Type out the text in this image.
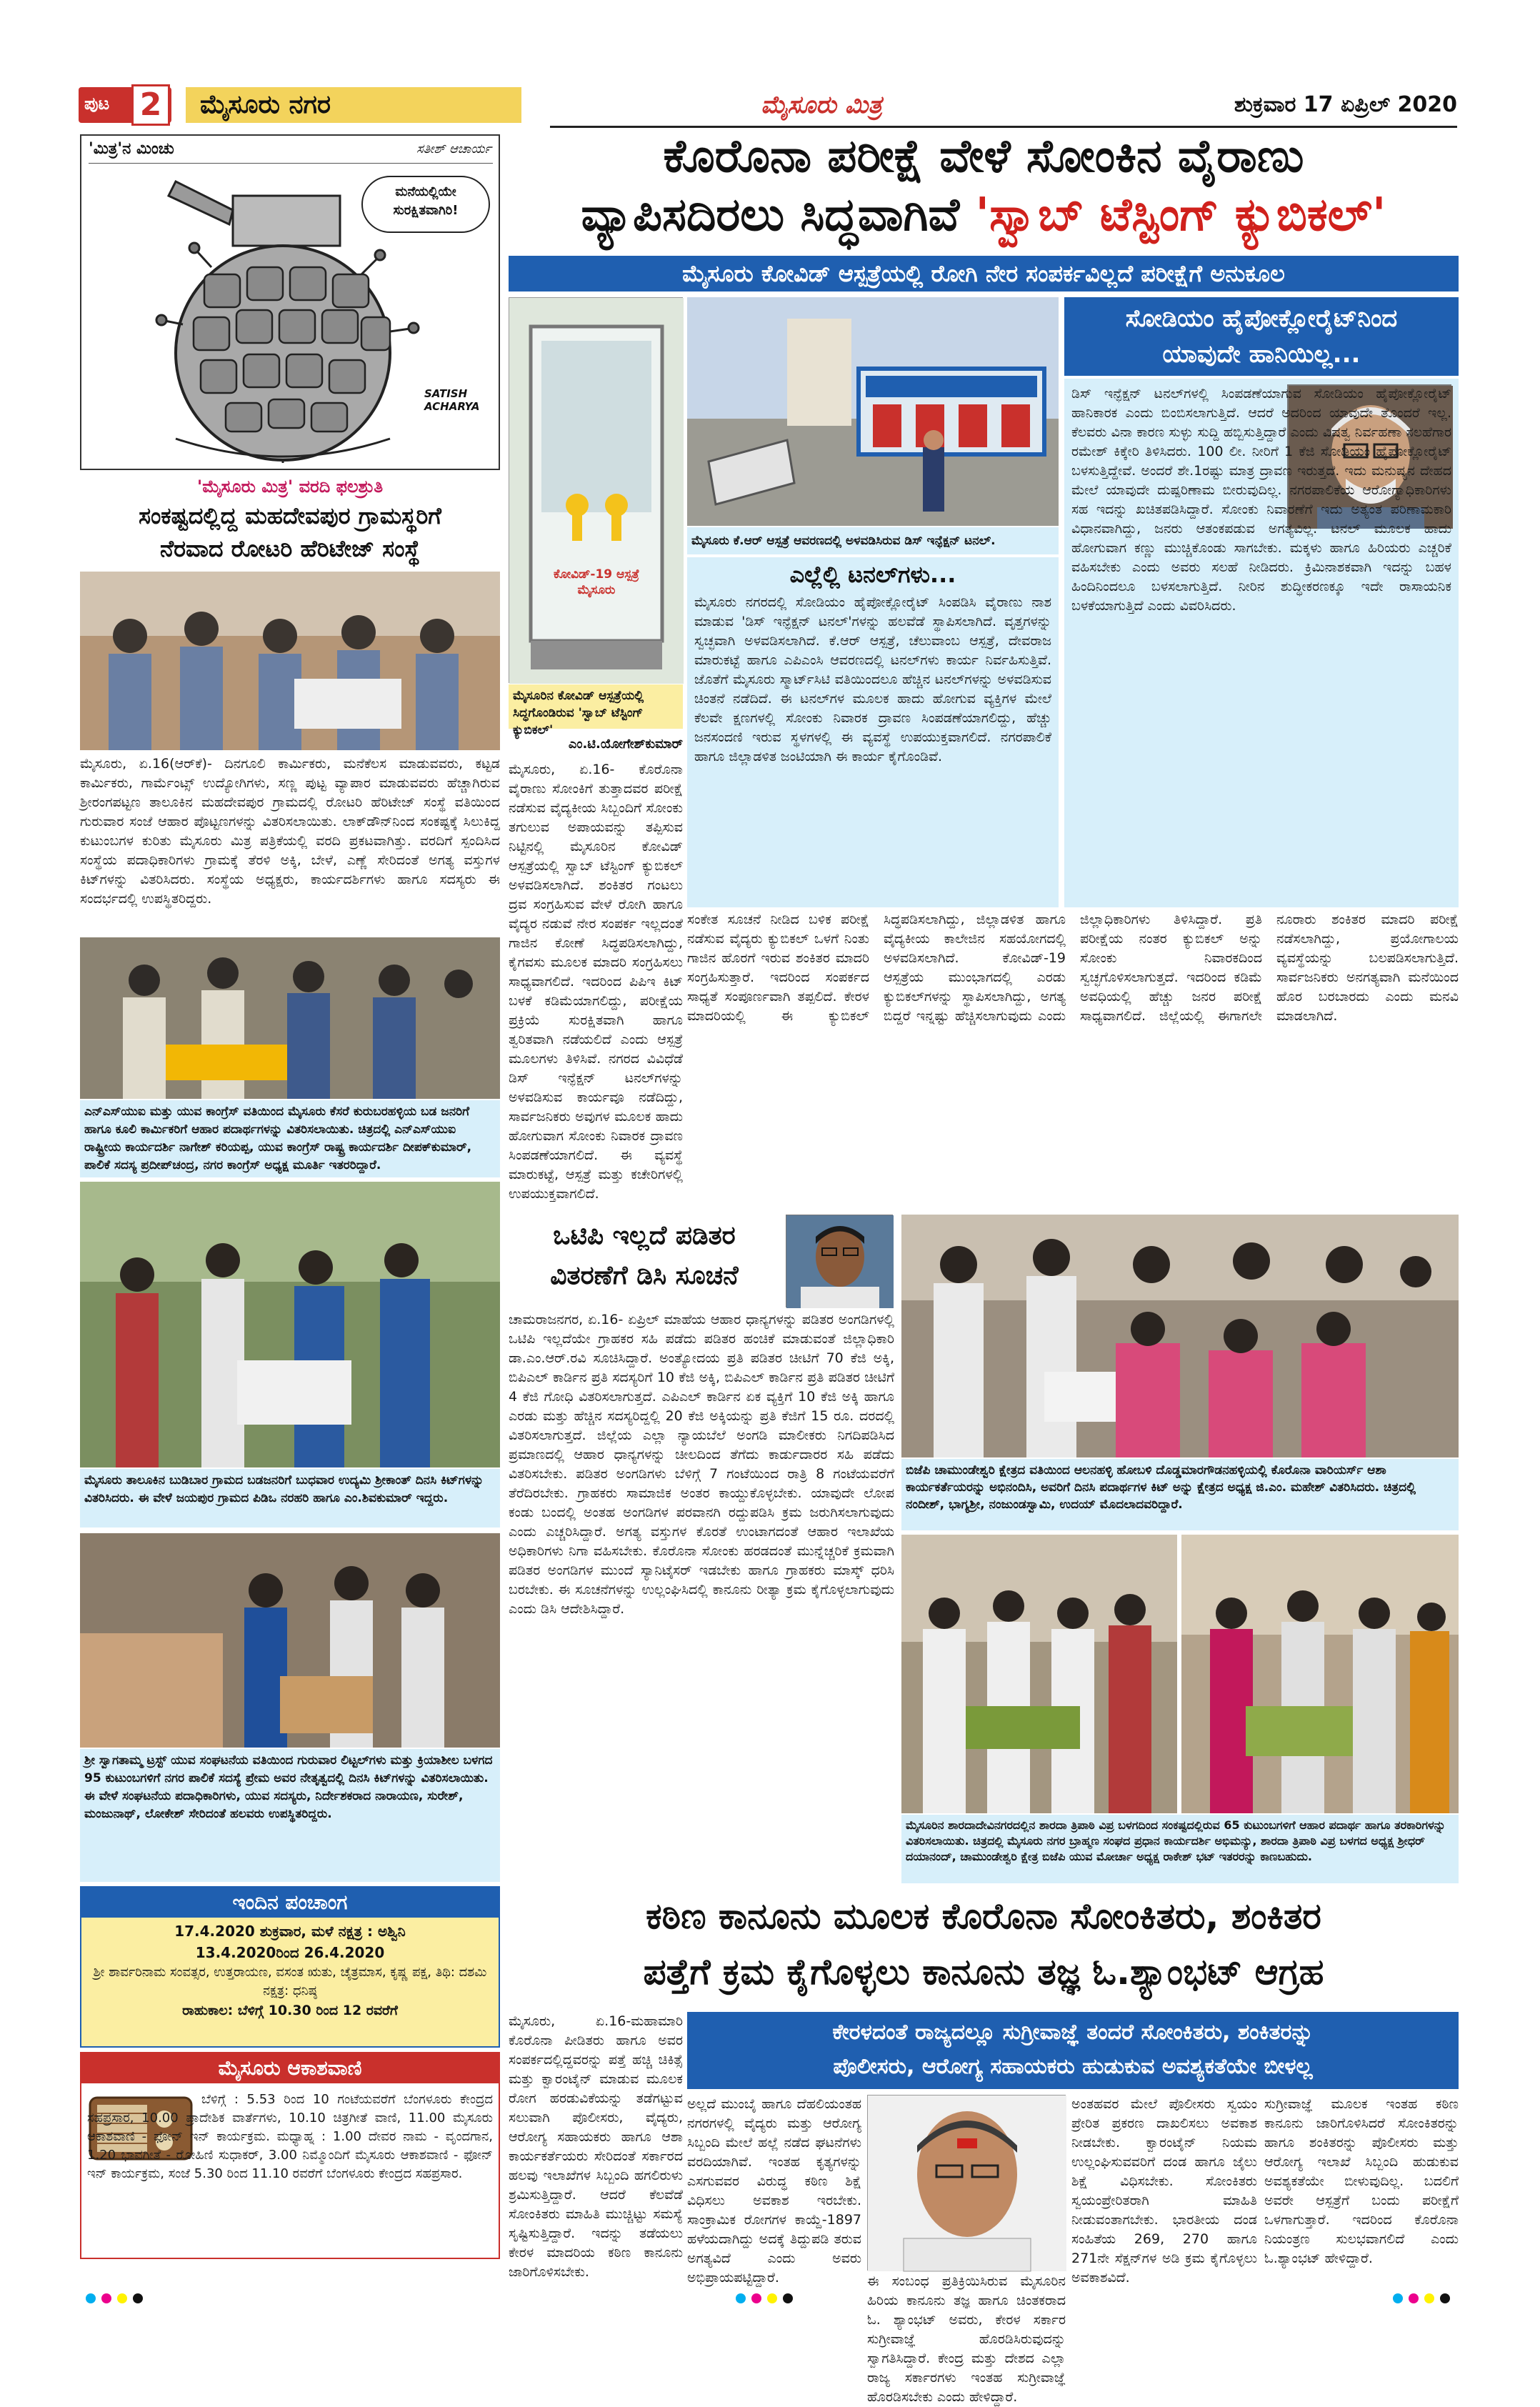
ಪುಟ 2	ಮೈಸೂರು ನಗರ	ಮೈಸೂರು ಮಿತ್ರ	ಶುಕ್ರವಾರ 17 ಏಪ್ರಿಲ್ 2020
'ಮಿತ್ರ'ನ ಮಿಂಚು	ಸತೀಶ್ ಆಚಾರ್ಯ
ಮನೆಯಲ್ಲಿಯೇ ಸುರಕ್ಷಿತವಾಗಿರಿ!
SATISH ACHARYA
ಕೊರೊನಾ ಪರೀಕ್ಷೆ ವೇಳೆ ಸೋಂಕಿನ ವೈರಾಣು
ವ್ಯಾಪಿಸದಿರಲು ಸಿದ್ಧವಾಗಿವೆ 'ಸ್ವಾಬ್ ಟೆಸ್ಟಿಂಗ್ ಕ್ಯುಬಿಕಲ್'
ಮೈಸೂರು ಕೋವಿಡ್ ಆಸ್ಪತ್ರೆಯಲ್ಲಿ ರೋಗಿ ನೇರ ಸಂಪರ್ಕವಿಲ್ಲದೆ ಪರೀಕ್ಷೆಗೆ ಅನುಕೂಲ
ಕೋವಿಡ್-19 ಆಸ್ಪತ್ರೆ ಮೈಸೂರು
ಮೈಸೂರಿನ ಕೋವಿಡ್ ಆಸ್ಪತ್ರೆಯಲ್ಲಿ ಸಿದ್ಧಗೊಂಡಿರುವ 'ಸ್ವಾಬ್ ಟೆಸ್ಟಿಂಗ್ ಕ್ಯುಬಿಕಲ್'
ಮೈಸೂರು ಕೆ.ಆರ್ ಆಸ್ಪತ್ರೆ ಆವರಣದಲ್ಲಿ ಅಳವಡಿಸಿರುವ ಡಿಸ್ ಇನ್ಫೆಕ್ಷನ್ ಟನಲ್.
ಎಲ್ಲೆಲ್ಲಿ ಟನಲ್‌ಗಳು...
ಮೈಸೂರು ನಗರದಲ್ಲಿ ಸೋಡಿಯಂ ಹೈಪೋಕ್ಲೋರೈಟ್ ಸಿಂಪಡಿಸಿ ವೈರಾಣು ನಾಶ ಮಾಡುವ 'ಡಿಸ್ ಇನ್ಫೆಕ್ಷನ್ ಟನಲ್'ಗಳನ್ನು ಹಲವೆಡೆ ಸ್ಥಾಪಿಸಲಾಗಿದೆ. ವೃತ್ತಗಳನ್ನು ಸ್ವಚ್ಛವಾಗಿ ಅಳವಡಿಸಲಾಗಿದೆ. ಕೆ.ಆರ್ ಆಸ್ಪತ್ರೆ, ಚೆಲುವಾಂಬ ಆಸ್ಪತ್ರೆ, ದೇವರಾಜ ಮಾರುಕಟ್ಟೆ ಹಾಗೂ ಎಪಿಎಂಸಿ ಆವರಣದಲ್ಲಿ ಟನಲ್‌ಗಳು ಕಾರ್ಯ ನಿರ್ವಹಿಸುತ್ತಿವೆ. ಜೊತೆಗೆ ಮೈಸೂರು ಸ್ಮಾರ್ಟ್‌ಸಿಟಿ ವತಿಯಿಂದಲೂ ಹೆಚ್ಚಿನ ಟನಲ್‌ಗಳನ್ನು ಅಳವಡಿಸುವ ಚಿಂತನೆ ನಡೆದಿದೆ. ಈ ಟನಲ್‌ಗಳ ಮೂಲಕ ಹಾದು ಹೋಗುವ ವ್ಯಕ್ತಿಗಳ ಮೇಲೆ ಕೆಲವೇ ಕ್ಷಣಗಳಲ್ಲಿ ಸೋಂಕು ನಿವಾರಕ ದ್ರಾವಣ ಸಿಂಪಡಣೆಯಾಗಲಿದ್ದು, ಹೆಚ್ಚು ಜನಸಂದಣಿ ಇರುವ ಸ್ಥಳಗಳಲ್ಲಿ ಈ ವ್ಯವಸ್ಥೆ ಉಪಯುಕ್ತವಾಗಲಿದೆ. ನಗರಪಾಲಿಕೆ ಹಾಗೂ ಜಿಲ್ಲಾಡಳಿತ ಜಂಟಿಯಾಗಿ ಈ ಕಾರ್ಯ ಕೈಗೊಂಡಿವೆ.
ಸೋಡಿಯಂ ಹೈಪೋಕ್ಲೋರೈಟ್‌ನಿಂದ
ಯಾವುದೇ ಹಾನಿಯಿಲ್ಲ...
ಡಿಸ್ ಇನ್ಫೆಕ್ಷನ್ ಟನಲ್‌ಗಳಲ್ಲಿ ಸಿಂಪಡಣೆಯಾಗುವ ಸೋಡಿಯಂ ಹೈಪೋಕ್ಲೋರೈಟ್ ಹಾನಿಕಾರಕ ಎಂದು ಬಿಂಬಿಸಲಾಗುತ್ತಿದೆ. ಆದರೆ ಅದರಿಂದ ಯಾವುದೇ ತೊಂದರೆ ಇಲ್ಲ. ಕೆಲವರು ವಿನಾ ಕಾರಣ ಸುಳ್ಳು ಸುದ್ದಿ ಹಬ್ಬಿಸುತ್ತಿದ್ದಾರೆ ಎಂದು ವಿಷತ್ವ ನಿರ್ವಹಣಾ ಸಲಹೆಗಾರ ರಮೇಶ್ ಕಿಕ್ಕೇರಿ ತಿಳಿಸಿದರು. 100 ಲೀ. ನೀರಿಗೆ 1 ಕೆಜಿ ಸೋಡಿಯಂ ಹೈಪೋಕ್ಲೋರೈಟ್ ಬಳಸುತ್ತಿದ್ದೇವೆ. ಅಂದರೆ ಶೇ.1ರಷ್ಟು ಮಾತ್ರ ದ್ರಾವಣ ಇರುತ್ತದೆ. ಇದು ಮನುಷ್ಯನ ದೇಹದ ಮೇಲೆ ಯಾವುದೇ ದುಷ್ಪರಿಣಾಮ ಬೀರುವುದಿಲ್ಲ. ನಗರಪಾಲಿಕೆಯ ಆರೋಗ್ಯಾಧಿಕಾರಿಗಳು ಸಹ ಇದನ್ನು ಖಚಿತಪಡಿಸಿದ್ದಾರೆ. ಸೋಂಕು ನಿವಾರಣೆಗೆ ಇದು ಅತ್ಯಂತ ಪರಿಣಾಮಕಾರಿ ವಿಧಾನವಾಗಿದ್ದು, ಜನರು ಆತಂಕಪಡುವ ಅಗತ್ಯವಿಲ್ಲ. ಟನಲ್ ಮೂಲಕ ಹಾದು ಹೋಗುವಾಗ ಕಣ್ಣು ಮುಚ್ಚಿಕೊಂಡು ಸಾಗಬೇಕು. ಮಕ್ಕಳು ಹಾಗೂ ಹಿರಿಯರು ಎಚ್ಚರಿಕೆ ವಹಿಸಬೇಕು ಎಂದು ಅವರು ಸಲಹೆ ನೀಡಿದರು. ಕ್ರಿಮಿನಾಶಕವಾಗಿ ಇದನ್ನು ಬಹಳ ಹಿಂದಿನಿಂದಲೂ ಬಳಸಲಾಗುತ್ತಿದೆ. ನೀರಿನ ಶುದ್ಧೀಕರಣಕ್ಕೂ ಇದೇ ರಾಸಾಯನಿಕ ಬಳಕೆಯಾಗುತ್ತಿದೆ ಎಂದು ವಿವರಿಸಿದರು.
ಎಂ.ಟಿ.ಯೋಗೇಶ್‌ಕುಮಾರ್
ಮೈಸೂರು, ಏ.16- ಕೊರೊನಾ ವೈರಾಣು ಸೋಂಕಿಗೆ ತುತ್ತಾದವರ ಪರೀಕ್ಷೆ ನಡೆಸುವ ವೈದ್ಯಕೀಯ ಸಿಬ್ಬಂದಿಗೆ ಸೋಂಕು ತಗುಲುವ ಅಪಾಯವನ್ನು ತಪ್ಪಿಸುವ ನಿಟ್ಟಿನಲ್ಲಿ ಮೈಸೂರಿನ ಕೋವಿಡ್ ಆಸ್ಪತ್ರೆಯಲ್ಲಿ ಸ್ವಾಬ್ ಟೆಸ್ಟಿಂಗ್ ಕ್ಯುಬಿಕಲ್ ಅಳವಡಿಸಲಾಗಿದೆ. ಶಂಕಿತರ ಗಂಟಲು ದ್ರವ ಸಂಗ್ರಹಿಸುವ ವೇಳೆ ರೋಗಿ ಹಾಗೂ ವೈದ್ಯರ ನಡುವೆ ನೇರ ಸಂಪರ್ಕ ಇಲ್ಲದಂತೆ ಗಾಜಿನ ಕೋಣೆ ಸಿದ್ಧಪಡಿಸಲಾಗಿದ್ದು, ಕೈಗವಸು ಮೂಲಕ ಮಾದರಿ ಸಂಗ್ರಹಿಸಲು ಸಾಧ್ಯವಾಗಲಿದೆ. ಇದರಿಂದ ಪಿಪಿಇ ಕಿಟ್ ಬಳಕೆ ಕಡಿಮೆಯಾಗಲಿದ್ದು, ಪರೀಕ್ಷೆಯ ಪ್ರಕ್ರಿಯೆ ಸುರಕ್ಷಿತವಾಗಿ ಹಾಗೂ ತ್ವರಿತವಾಗಿ ನಡೆಯಲಿದೆ ಎಂದು ಆಸ್ಪತ್ರೆ ಮೂಲಗಳು ತಿಳಿಸಿವೆ. ನಗರದ ವಿವಿಧೆಡೆ ಡಿಸ್ ಇನ್ಫೆಕ್ಷನ್ ಟನಲ್‌ಗಳನ್ನು ಅಳವಡಿಸುವ ಕಾರ್ಯವೂ ನಡೆದಿದ್ದು, ಸಾರ್ವಜನಿಕರು ಅವುಗಳ ಮೂಲಕ ಹಾದು ಹೋಗುವಾಗ ಸೋಂಕು ನಿವಾರಕ ದ್ರಾವಣ ಸಿಂಪಡಣೆಯಾಗಲಿದೆ. ಈ ವ್ಯವಸ್ಥೆ ಮಾರುಕಟ್ಟೆ, ಆಸ್ಪತ್ರೆ ಮತ್ತು ಕಚೇರಿಗಳಲ್ಲಿ ಉಪಯುಕ್ತವಾಗಲಿದೆ.
ಸಂಕೇತ ಸೂಚನೆ ನೀಡಿದ ಬಳಿಕ ಪರೀಕ್ಷೆ ನಡೆಸುವ ವೈದ್ಯರು ಕ್ಯುಬಿಕಲ್ ಒಳಗೆ ನಿಂತು ಗಾಜಿನ ಹೊರಗೆ ಇರುವ ಶಂಕಿತರ ಮಾದರಿ ಸಂಗ್ರಹಿಸುತ್ತಾರೆ. ಇದರಿಂದ ಸಂಪರ್ಕದ ಸಾಧ್ಯತೆ ಸಂಪೂರ್ಣವಾಗಿ ತಪ್ಪಲಿದೆ. ಕೇರಳ ಮಾದರಿಯಲ್ಲಿ ಈ ಕ್ಯುಬಿಕಲ್ ಸಿದ್ಧಪಡಿಸಲಾಗಿದ್ದು, ಜಿಲ್ಲಾಡಳಿತ ಹಾಗೂ ವೈದ್ಯಕೀಯ ಕಾಲೇಜಿನ ಸಹಯೋಗದಲ್ಲಿ ಅಳವಡಿಸಲಾಗಿದೆ. ಕೋವಿಡ್-19 ಆಸ್ಪತ್ರೆಯ ಮುಂಭಾಗದಲ್ಲಿ ಎರಡು ಕ್ಯುಬಿಕಲ್‌ಗಳನ್ನು ಸ್ಥಾಪಿಸಲಾಗಿದ್ದು, ಅಗತ್ಯ ಬಿದ್ದರೆ ಇನ್ನಷ್ಟು ಹೆಚ್ಚಿಸಲಾಗುವುದು ಎಂದು ಜಿಲ್ಲಾಧಿಕಾರಿಗಳು ತಿಳಿಸಿದ್ದಾರೆ. ಪ್ರತಿ ಪರೀಕ್ಷೆಯ ನಂತರ ಕ್ಯುಬಿಕಲ್ ಅನ್ನು ಸೋಂಕು ನಿವಾರಕದಿಂದ ಸ್ವಚ್ಛಗೊಳಿಸಲಾಗುತ್ತದೆ. ಇದರಿಂದ ಕಡಿಮೆ ಅವಧಿಯಲ್ಲಿ ಹೆಚ್ಚು ಜನರ ಪರೀಕ್ಷೆ ಸಾಧ್ಯವಾಗಲಿದೆ. ಜಿಲ್ಲೆಯಲ್ಲಿ ಈಗಾಗಲೇ ನೂರಾರು ಶಂಕಿತರ ಮಾದರಿ ಪರೀಕ್ಷೆ ನಡೆಸಲಾಗಿದ್ದು, ಪ್ರಯೋಗಾಲಯ ವ್ಯವಸ್ಥೆಯನ್ನು ಬಲಪಡಿಸಲಾಗುತ್ತಿದೆ. ಸಾರ್ವಜನಿಕರು ಅನಗತ್ಯವಾಗಿ ಮನೆಯಿಂದ ಹೊರ ಬರಬಾರದು ಎಂದು ಮನವಿ ಮಾಡಲಾಗಿದೆ.
'ಮೈಸೂರು ಮಿತ್ರ' ವರದಿ ಫಲಶ್ರುತಿ
ಸಂಕಷ್ಟದಲ್ಲಿದ್ದ ಮಹದೇವಪುರ ಗ್ರಾಮಸ್ಥರಿಗೆ
ನೆರವಾದ ರೋಟರಿ ಹೆರಿಟೇಜ್ ಸಂಸ್ಥೆ
ಮೈಸೂರು, ಏ.16(ಆರ್‌ಕೆ)- ದಿನಗೂಲಿ ಕಾರ್ಮಿಕರು, ಮನೆಕೆಲಸ ಮಾಡುವವರು, ಕಟ್ಟಡ ಕಾರ್ಮಿಕರು, ಗಾರ್ಮೆಂಟ್ಸ್ ಉದ್ಯೋಗಿಗಳು, ಸಣ್ಣ ಪುಟ್ಟ ವ್ಯಾಪಾರ ಮಾಡುವವರು ಹೆಚ್ಚಾಗಿರುವ ಶ್ರೀರಂಗಪಟ್ಟಣ ತಾಲೂಕಿನ ಮಹದೇವಪುರ ಗ್ರಾಮದಲ್ಲಿ ರೋಟರಿ ಹೆರಿಟೇಜ್ ಸಂಸ್ಥೆ ವತಿಯಿಂದ ಗುರುವಾರ ಸಂಜೆ ಆಹಾರ ಪೊಟ್ಟಣಗಳನ್ನು ವಿತರಿಸಲಾಯಿತು. ಲಾಕ್‌ಡೌನ್‌ನಿಂದ ಸಂಕಷ್ಟಕ್ಕೆ ಸಿಲುಕಿದ್ದ ಕುಟುಂಬಗಳ ಕುರಿತು ಮೈಸೂರು ಮಿತ್ರ ಪತ್ರಿಕೆಯಲ್ಲಿ ವರದಿ ಪ್ರಕಟವಾಗಿತ್ತು. ವರದಿಗೆ ಸ್ಪಂದಿಸಿದ ಸಂಸ್ಥೆಯ ಪದಾಧಿಕಾರಿಗಳು ಗ್ರಾಮಕ್ಕೆ ತೆರಳಿ ಅಕ್ಕಿ, ಬೇಳೆ, ಎಣ್ಣೆ ಸೇರಿದಂತೆ ಅಗತ್ಯ ವಸ್ತುಗಳ ಕಿಟ್‌ಗಳನ್ನು ವಿತರಿಸಿದರು. ಸಂಸ್ಥೆಯ ಅಧ್ಯಕ್ಷರು, ಕಾರ್ಯದರ್ಶಿಗಳು ಹಾಗೂ ಸದಸ್ಯರು ಈ ಸಂದರ್ಭದಲ್ಲಿ ಉಪಸ್ಥಿತರಿದ್ದರು.
ಎನ್‌ಎಸ್‌ಯುಐ ಮತ್ತು ಯುವ ಕಾಂಗ್ರೆಸ್ ವತಿಯಿಂದ ಮೈಸೂರು ಕೆಸರೆ ಕುರುಬರಹಳ್ಳಿಯ ಬಡ ಜನರಿಗೆ ಹಾಗೂ ಕೂಲಿ ಕಾರ್ಮಿಕರಿಗೆ ಆಹಾರ ಪದಾರ್ಥಗಳನ್ನು ವಿತರಿಸಲಾಯಿತು. ಚಿತ್ರದಲ್ಲಿ ಎನ್‌ಎಸ್‌ಯುಐ ರಾಷ್ಟ್ರೀಯ ಕಾರ್ಯದರ್ಶಿ ನಾಗೇಶ್ ಕರಿಯಪ್ಪ, ಯುವ ಕಾಂಗ್ರೆಸ್ ರಾಷ್ಟ್ರ ಕಾರ್ಯದರ್ಶಿ ದೀಪಕ್‌ಕುಮಾರ್, ಪಾಲಿಕೆ ಸದಸ್ಯ ಪ್ರದೀಪ್‌ಚಂದ್ರ, ನಗರ ಕಾಂಗ್ರೆಸ್ ಅಧ್ಯಕ್ಷ ಮೂರ್ತಿ ಇತರರಿದ್ದಾರೆ.
ಮೈಸೂರು ತಾಲೂಕಿನ ಬುಡಿಬಾರ ಗ್ರಾಮದ ಬಡಜನರಿಗೆ ಬುಧವಾರ ಉದ್ಯಮಿ ಶ್ರೀಕಾಂತ್ ದಿನಸಿ ಕಿಟ್‌ಗಳನ್ನು ವಿತರಿಸಿದರು. ಈ ವೇಳೆ ಜಯಪುರ ಗ್ರಾಮದ ಪಿಡಿಒ ನರಹರಿ ಹಾಗೂ ಎಂ.ಶಿವಕುಮಾರ್ ಇದ್ದರು.
ಶ್ರೀ ಸ್ವಾಗತಾಮ್ಮ ಟ್ರಸ್ಟ್ ಯುವ ಸಂಘಟನೆಯ ವತಿಯಿಂದ ಗುರುವಾರ ಲಿಟ್ಟಲ್‌ಗಳು ಮತ್ತು ಕ್ರಿಯಾಶೀಲ ಬಳಗದ 95 ಕುಟುಂಬಗಳಿಗೆ ನಗರ ಪಾಲಿಕೆ ಸದಸ್ಯೆ ಪ್ರೇಮ ಅವರ ನೇತೃತ್ವದಲ್ಲಿ ದಿನಸಿ ಕಿಟ್‌ಗಳನ್ನು ವಿತರಿಸಲಾಯಿತು. ಈ ವೇಳೆ ಸಂಘಟನೆಯ ಪದಾಧಿಕಾರಿಗಳು, ಯುವ ಸದಸ್ಯರು, ನಿರ್ದೇಶಕರಾದ ನಾರಾಯಣ, ಸುರೇಶ್, ಮಂಜುನಾಥ್, ಲೋಕೇಶ್ ಸೇರಿದಂತೆ ಹಲವರು ಉಪಸ್ಥಿತರಿದ್ದರು.
ಇಂದಿನ ಪಂಚಾಂಗ
17.4.2020 ಶುಕ್ರವಾರ, ಮಳೆ ನಕ್ಷತ್ರ : ಅಶ್ವಿನಿ
13.4.2020ರಿಂದ 26.4.2020
ಶ್ರೀ ಶಾರ್ವರಿನಾಮ ಸಂವತ್ಸರ, ಉತ್ತರಾಯಣ, ವಸಂತ ಋತು, ಚೈತ್ರಮಾಸ, ಕೃಷ್ಣ ಪಕ್ಷ, ತಿಥಿ: ದಶಮಿ ನಕ್ಷತ್ರ: ಧನಿಷ್ಠ
ರಾಹುಕಾಲ: ಬೆಳಿಗ್ಗೆ 10.30 ರಿಂದ 12 ರವರೆಗೆ
ಮೈಸೂರು ಆಕಾಶವಾಣಿ
ಬೆಳಿಗ್ಗೆ : 5.53 ರಿಂದ 10 ಗಂಟೆಯವರೆಗೆ ಬೆಂಗಳೂರು ಕೇಂದ್ರದ ಸಹಪ್ರಸಾರ, 10.00 ಪ್ರಾದೇಶಿಕ ವಾರ್ತೆಗಳು, 10.10 ಚಿತ್ರಗೀತೆ ವಾಣಿ, 11.00 ಮೈಸೂರು ಆಕಾಶವಾಣಿ - ಫೋನ್ ಇನ್ ಕಾರ್ಯಕ್ರಮ. ಮಧ್ಯಾಹ್ನ : 1.00 ದೇವರ ನಾಮ - ವೃಂದಗಾನ, 1.20 ಭಾವಗೀತೆ - ರೋಹಿಣಿ ಸುಧಾಕರ್, 3.00 ನಿಮ್ಮೊಂದಿಗೆ ಮೈಸೂರು ಆಕಾಶವಾಣಿ - ಫೋನ್ ಇನ್ ಕಾರ್ಯಕ್ರಮ, ಸಂಜೆ 5.30 ರಿಂದ 11.10 ರವರೆಗೆ ಬೆಂಗಳೂರು ಕೇಂದ್ರದ ಸಹಪ್ರಸಾರ.
ಒಟಿಪಿ ಇಲ್ಲದೆ ಪಡಿತರ
ವಿತರಣೆಗೆ ಡಿಸಿ ಸೂಚನೆ
ಚಾಮರಾಜನಗರ, ಏ.16- ಏಪ್ರಿಲ್ ಮಾಹೆಯ ಆಹಾರ ಧಾನ್ಯಗಳನ್ನು ಪಡಿತರ ಅಂಗಡಿಗಳಲ್ಲಿ ಒಟಿಪಿ ಇಲ್ಲದೆಯೇ ಗ್ರಾಹಕರ ಸಹಿ ಪಡೆದು ಪಡಿತರ ಹಂಚಿಕೆ ಮಾಡುವಂತೆ ಜಿಲ್ಲಾಧಿಕಾರಿ ಡಾ.ಎಂ.ಆರ್.ರವಿ ಸೂಚಿಸಿದ್ದಾರೆ. ಅಂತ್ಯೋದಯ ಪ್ರತಿ ಪಡಿತರ ಚೀಟಿಗೆ 70 ಕೆಜಿ ಅಕ್ಕಿ, ಬಿಪಿಎಲ್ ಕಾರ್ಡಿನ ಪ್ರತಿ ಸದಸ್ಯರಿಗೆ 10 ಕೆಜಿ ಅಕ್ಕಿ, ಬಿಪಿಎಲ್ ಕಾರ್ಡಿನ ಪ್ರತಿ ಪಡಿತರ ಚೀಟಿಗೆ 4 ಕೆಜಿ ಗೋಧಿ ವಿತರಿಸಲಾಗುತ್ತದೆ. ಎಪಿಎಲ್ ಕಾರ್ಡಿನ ಏಕ ವ್ಯಕ್ತಿಗೆ 10 ಕೆಜಿ ಅಕ್ಕಿ ಹಾಗೂ ಎರಡು ಮತ್ತು ಹೆಚ್ಚಿನ ಸದಸ್ಯರಿದ್ದಲ್ಲಿ 20 ಕೆಜಿ ಅಕ್ಕಿಯನ್ನು ಪ್ರತಿ ಕೆಜಿಗೆ 15 ರೂ. ದರದಲ್ಲಿ ವಿತರಿಸಲಾಗುತ್ತದೆ. ಜಿಲ್ಲೆಯ ಎಲ್ಲಾ ನ್ಯಾಯಬೆಲೆ ಅಂಗಡಿ ಮಾಲೀಕರು ನಿಗದಿಪಡಿಸಿದ ಪ್ರಮಾಣದಲ್ಲಿ ಆಹಾರ ಧಾನ್ಯಗಳನ್ನು ಚೀಲದಿಂದ ತೆಗೆದು ಕಾರ್ಡುದಾರರ ಸಹಿ ಪಡೆದು ವಿತರಿಸಬೇಕು. ಪಡಿತರ ಅಂಗಡಿಗಳು ಬೆಳಿಗ್ಗೆ 7 ಗಂಟೆಯಿಂದ ರಾತ್ರಿ 8 ಗಂಟೆಯವರೆಗೆ ತೆರೆದಿರಬೇಕು. ಗ್ರಾಹಕರು ಸಾಮಾಜಿಕ ಅಂತರ ಕಾಯ್ದುಕೊಳ್ಳಬೇಕು. ಯಾವುದೇ ಲೋಪ ಕಂಡು ಬಂದಲ್ಲಿ ಅಂತಹ ಅಂಗಡಿಗಳ ಪರವಾನಗಿ ರದ್ದುಪಡಿಸಿ ಕ್ರಮ ಜರುಗಿಸಲಾಗುವುದು ಎಂದು ಎಚ್ಚರಿಸಿದ್ದಾರೆ. ಅಗತ್ಯ ವಸ್ತುಗಳ ಕೊರತೆ ಉಂಟಾಗದಂತೆ ಆಹಾರ ಇಲಾಖೆಯ ಅಧಿಕಾರಿಗಳು ನಿಗಾ ವಹಿಸಬೇಕು. ಕೊರೊನಾ ಸೋಂಕು ಹರಡದಂತೆ ಮುನ್ನೆಚ್ಚರಿಕೆ ಕ್ರಮವಾಗಿ ಪಡಿತರ ಅಂಗಡಿಗಳ ಮುಂದೆ ಸ್ಯಾನಿಟೈಸರ್ ಇಡಬೇಕು ಹಾಗೂ ಗ್ರಾಹಕರು ಮಾಸ್ಕ್ ಧರಿಸಿ ಬರಬೇಕು. ಈ ಸೂಚನೆಗಳನ್ನು ಉಲ್ಲಂಘಿಸಿದಲ್ಲಿ ಕಾನೂನು ರೀತ್ಯಾ ಕ್ರಮ ಕೈಗೊಳ್ಳಲಾಗುವುದು ಎಂದು ಡಿಸಿ ಆದೇಶಿಸಿದ್ದಾರೆ.
ಬಿಜೆಪಿ ಚಾಮುಂಡೇಶ್ವರಿ ಕ್ಷೇತ್ರದ ವತಿಯಿಂದ ಆಲನಹಳ್ಳಿ ಹೋಬಳಿ ದೊಡ್ಡಮಾರಗೌಡನಹಳ್ಳಿಯಲ್ಲಿ ಕೊರೊನಾ ವಾರಿಯರ್ಸ್ ಆಶಾ ಕಾರ್ಯಕರ್ತೆಯರನ್ನು ಅಭಿನಂದಿಸಿ, ಅವರಿಗೆ ದಿನಸಿ ಪದಾರ್ಥಗಳ ಕಿಟ್ ಅನ್ನು ಕ್ಷೇತ್ರದ ಅಧ್ಯಕ್ಷ ಜಿ.ಎಂ. ಮಹೇಶ್ ವಿತರಿಸಿದರು. ಚಿತ್ರದಲ್ಲಿ ನಂದೀಶ್, ಭಾಗ್ಯಶ್ರೀ, ನಂಜುಂಡಸ್ವಾಮಿ, ಉದಯ್ ಮೊದಲಾದವರಿದ್ದಾರೆ.
ಮೈಸೂರಿನ ಶಾರದಾದೇವಿನಗರದಲ್ಲಿನ ಶಾರದಾ ತ್ರಿಪಾಠಿ ವಿಪ್ರ ಬಳಗದಿಂದ ಸಂಕಷ್ಟದಲ್ಲಿರುವ 65 ಕುಟುಂಬಗಳಿಗೆ ಆಹಾರ ಪದಾರ್ಥ ಹಾಗೂ ತರಕಾರಿಗಳನ್ನು ವಿತರಿಸಲಾಯಿತು. ಚಿತ್ರದಲ್ಲಿ ಮೈಸೂರು ನಗರ ಬ್ರಾಹ್ಮಣ ಸಂಘದ ಪ್ರಧಾನ ಕಾರ್ಯದರ್ಶಿ ಅಭಿಮನ್ಯು, ಶಾರದಾ ತ್ರಿಪಾಠಿ ವಿಪ್ರ ಬಳಗದ ಅಧ್ಯಕ್ಷ ಶ್ರೀಧರ್ ದಯಾನಂದ್, ಚಾಮುಂಡೇಶ್ವರಿ ಕ್ಷೇತ್ರ ಬಿಜೆಪಿ ಯುವ ಮೋರ್ಚಾ ಅಧ್ಯಕ್ಷ ರಾಕೇಶ್ ಭಟ್ ಇತರರನ್ನು ಕಾಣಬಹುದು.
ಕಠಿಣ ಕಾನೂನು ಮೂಲಕ ಕೊರೊನಾ ಸೋಂಕಿತರು, ಶಂಕಿತರ
ಪತ್ತೆಗೆ ಕ್ರಮ ಕೈಗೊಳ್ಳಲು ಕಾನೂನು ತಜ್ಞ ಓ.ಶ್ಯಾಂಭಟ್ ಆಗ್ರಹ
ಮೈಸೂರು, ಏ.16-ಮಹಾಮಾರಿ ಕೊರೊನಾ ಪೀಡಿತರು ಹಾಗೂ ಅವರ ಸಂಪರ್ಕದಲ್ಲಿದ್ದವರನ್ನು ಪತ್ತೆ ಹಚ್ಚಿ ಚಿಕಿತ್ಸೆ ಮತ್ತು ಕ್ವಾರಂಟೈನ್ ಮಾಡುವ ಮೂಲಕ ರೋಗ ಹರಡುವಿಕೆಯನ್ನು ತಡೆಗಟ್ಟುವ ಸಲುವಾಗಿ ಪೊಲೀಸರು, ವೈದ್ಯರು, ಆರೋಗ್ಯ ಸಹಾಯಕರು ಹಾಗೂ ಆಶಾ ಕಾರ್ಯಕರ್ತೆಯರು ಸೇರಿದಂತೆ ಸರ್ಕಾರದ ಹಲವು ಇಲಾಖೆಗಳ ಸಿಬ್ಬಂದಿ ಹಗಲಿರುಳು ಶ್ರಮಿಸುತ್ತಿದ್ದಾರೆ. ಆದರೆ ಕೆಲವೆಡೆ ಸೋಂಕಿತರು ಮಾಹಿತಿ ಮುಚ್ಚಿಟ್ಟು ಸಮಸ್ಯೆ ಸೃಷ್ಟಿಸುತ್ತಿದ್ದಾರೆ. ಇದನ್ನು ತಡೆಯಲು ಕೇರಳ ಮಾದರಿಯ ಕಠಿಣ ಕಾನೂನು ಜಾರಿಗೊಳಿಸಬೇಕು.
ಕೇರಳದಂತೆ ರಾಜ್ಯದಲ್ಲೂ ಸುಗ್ರೀವಾಜ್ಞೆ ತಂದರೆ ಸೋಂಕಿತರು, ಶಂಕಿತರನ್ನು
ಪೊಲೀಸರು, ಆರೋಗ್ಯ ಸಹಾಯಕರು ಹುಡುಕುವ ಅವಶ್ಯಕತೆಯೇ ಬೀಳಲ್ಲ
ಅಲ್ಲದೆ ಮುಂಬೈ ಹಾಗೂ ದೆಹಲಿಯಂತಹ ನಗರಗಳಲ್ಲಿ ವೈದ್ಯರು ಮತ್ತು ಆರೋಗ್ಯ ಸಿಬ್ಬಂದಿ ಮೇಲೆ ಹಲ್ಲೆ ನಡೆದ ಘಟನೆಗಳು ವರದಿಯಾಗಿವೆ. ಇಂತಹ ಕೃತ್ಯಗಳನ್ನು ಎಸಗುವವರ ವಿರುದ್ಧ ಕಠಿಣ ಶಿಕ್ಷೆ ವಿಧಿಸಲು ಅವಕಾಶ ಇರಬೇಕು. ಸಾಂಕ್ರಾಮಿಕ ರೋಗಗಳ ಕಾಯ್ದೆ-1897 ಹಳೆಯದಾಗಿದ್ದು ಅದಕ್ಕೆ ತಿದ್ದುಪಡಿ ತರುವ ಅಗತ್ಯವಿದೆ ಎಂದು ಅವರು ಅಭಿಪ್ರಾಯಪಟ್ಟಿದ್ದಾರೆ.	ಈ ಸಂಬಂಧ ಪ್ರತಿಕ್ರಿಯಿಸಿರುವ ಮೈಸೂರಿನ ಹಿರಿಯ ಕಾನೂನು ತಜ್ಞ ಹಾಗೂ ಚಿಂತಕರಾದ ಓ. ಶ್ಯಾಂಭಟ್ ಅವರು, ಕೇರಳ ಸರ್ಕಾರ ಸುಗ್ರೀವಾಜ್ಞೆ ಹೊರಡಿಸಿರುವುದನ್ನು ಸ್ವಾಗತಿಸಿದ್ದಾರೆ. ಕೇಂದ್ರ ಮತ್ತು ದೇಶದ ಎಲ್ಲಾ ರಾಜ್ಯ ಸರ್ಕಾರಗಳು ಇಂತಹ ಸುಗ್ರೀವಾಜ್ಞೆ ಹೊರಡಿಸಬೇಕು ಎಂದು ಹೇಳಿದ್ದಾರೆ.
ಅಂತಹವರ ಮೇಲೆ ಪೊಲೀಸರು ಸ್ವಯಂ ಪ್ರೇರಿತ ಪ್ರಕರಣ ದಾಖಲಿಸಲು ಅವಕಾಶ ನೀಡಬೇಕು. ಕ್ವಾರಂಟೈನ್ ನಿಯಮ ಉಲ್ಲಂಘಿಸುವವರಿಗೆ ದಂಡ ಹಾಗೂ ಜೈಲು ಶಿಕ್ಷೆ ವಿಧಿಸಬೇಕು. ಸೋಂಕಿತರು ಸ್ವಯಂಪ್ರೇರಿತರಾಗಿ ಮಾಹಿತಿ ನೀಡುವಂತಾಗಬೇಕು. ಭಾರತೀಯ ದಂಡ ಸಂಹಿತೆಯ 269, 270 ಹಾಗೂ 271ನೇ ಸೆಕ್ಷನ್‌ಗಳ ಅಡಿ ಕ್ರಮ ಕೈಗೊಳ್ಳಲು ಅವಕಾಶವಿದೆ.
ಸುಗ್ರೀವಾಜ್ಞೆ ಮೂಲಕ ಇಂತಹ ಕಠಿಣ ಕಾನೂನು ಜಾರಿಗೊಳಿಸಿದರೆ ಸೋಂಕಿತರನ್ನು ಹಾಗೂ ಶಂಕಿತರನ್ನು ಪೊಲೀಸರು ಮತ್ತು ಆರೋಗ್ಯ ಇಲಾಖೆ ಸಿಬ್ಬಂದಿ ಹುಡುಕುವ ಅವಶ್ಯಕತೆಯೇ ಬೀಳುವುದಿಲ್ಲ. ಬದಲಿಗೆ ಅವರೇ ಆಸ್ಪತ್ರೆಗೆ ಬಂದು ಪರೀಕ್ಷೆಗೆ ಒಳಗಾಗುತ್ತಾರೆ. ಇದರಿಂದ ಕೊರೊನಾ ನಿಯಂತ್ರಣ ಸುಲಭವಾಗಲಿದೆ ಎಂದು ಓ.ಶ್ಯಾಂಭಟ್ ಹೇಳಿದ್ದಾರೆ.
